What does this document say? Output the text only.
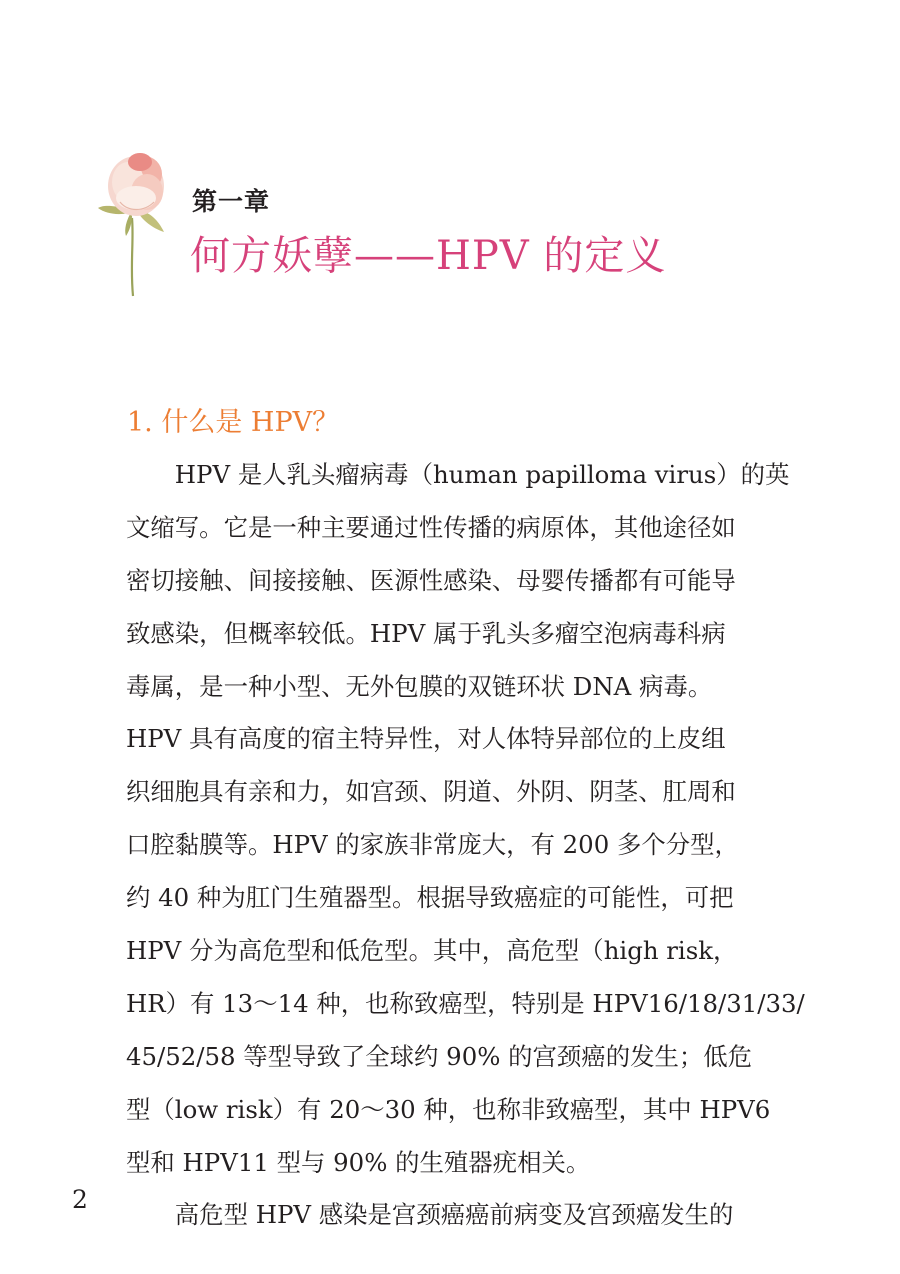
第一章
何方妖孽——HPV 的定义
1. 什么是 HPV？
　　HPV 是人乳头瘤病毒（human papilloma virus）的英
文缩写。它是一种主要通过性传播的病原体，其他途径如
密切接触、间接接触、医源性感染、母婴传播都有可能导
致感染，但概率较低。HPV 属于乳头多瘤空泡病毒科病
毒属，是一种小型、无外包膜的双链环状 DNA 病毒。
HPV 具有高度的宿主特异性，对人体特异部位的上皮组
织细胞具有亲和力，如宫颈、阴道、外阴、阴茎、肛周和
口腔黏膜等。HPV 的家族非常庞大，有 200 多个分型，
约 40 种为肛门生殖器型。根据导致癌症的可能性，可把
HPV 分为高危型和低危型。其中，高危型（high risk，
HR）有 13～14 种，也称致癌型，特别是 HPV16/18/31/33/
45/52/58 等型导致了全球约 90% 的宫颈癌的发生；低危
型（low risk）有 20～30 种，也称非致癌型，其中 HPV6
型和 HPV11 型与 90% 的生殖器疣相关。
　　高危型 HPV 感染是宫颈癌癌前病变及宫颈癌发生的
2
